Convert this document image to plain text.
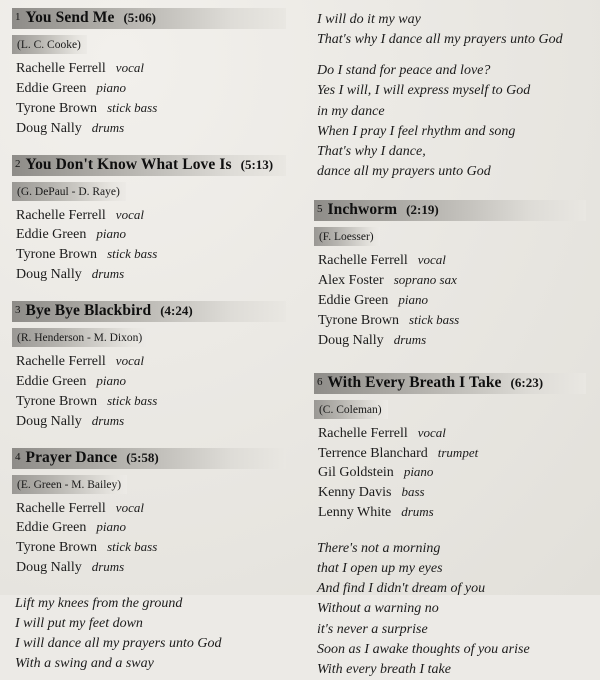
1 You Send Me (5:06)
(L. C. Cooke)
Rachelle Ferrell vocal
Eddie Green piano
Tyrone Brown stick bass
Doug Nally drums
2 You Don't Know What Love Is (5:13)
(G. DePaul - D. Raye)
Rachelle Ferrell vocal
Eddie Green piano
Tyrone Brown stick bass
Doug Nally drums
3 Bye Bye Blackbird (4:24)
(R. Henderson - M. Dixon)
Rachelle Ferrell vocal
Eddie Green piano
Tyrone Brown stick bass
Doug Nally drums
4 Prayer Dance (5:58)
(E. Green - M. Bailey)
Rachelle Ferrell vocal
Eddie Green piano
Tyrone Brown stick bass
Doug Nally drums
Lift my knees from the ground
I will put my feet down
I will dance all my prayers unto God
With a swing and a sway
I will do it my way
That's why I dance all my prayers unto God
Do I stand for peace and love?
Yes I will, I will express myself to God
in my dance
When I pray I feel rhythm and song
That's why I dance,
dance all my prayers unto God
5 Inchworm (2:19)
(F. Loesser)
Rachelle Ferrell vocal
Alex Foster soprano sax
Eddie Green piano
Tyrone Brown stick bass
Doug Nally drums
6 With Every Breath I Take (6:23)
(C. Coleman)
Rachelle Ferrell vocal
Terrence Blanchard trumpet
Gil Goldstein piano
Kenny Davis bass
Lenny White drums
There's not a morning
that I open up my eyes
And find I didn't dream of you
Without a warning no
it's never a surprise
Soon as I awake thoughts of you arise
With every breath I take
